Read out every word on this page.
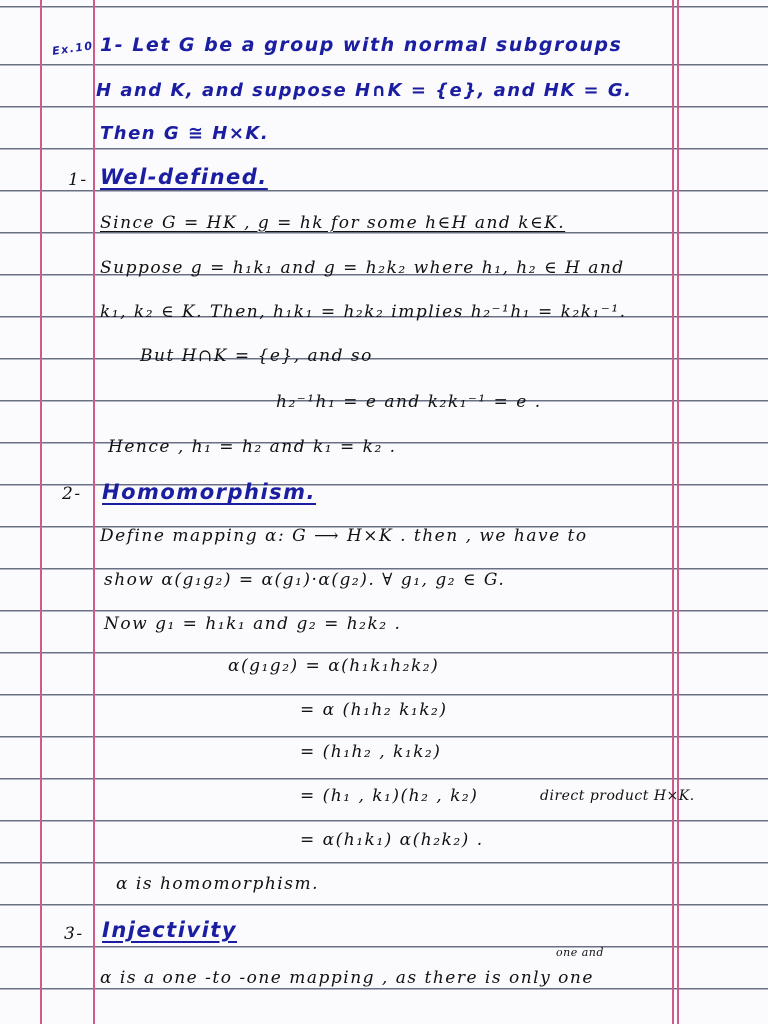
Ex.10 1- Let G be a group with normal subgroups
H and K, and suppose H∩K = {e}, and HK = G.
Then G ≅ H×K.
1- Wel-defined.
Since G = HK , g = hk for some h∈H and k∈K.
Suppose g = h₁k₁ and g = h₂k₂ where h₁, h₂ ∈ H and
k₁, k₂ ∈ K. Then, h₁k₁ = h₂k₂ implies h₂⁻¹h₁ = k₂k₁⁻¹.
But H∩K = {e}, and so
h₂⁻¹h₁ = e and k₂k₁⁻¹ = e .
Hence , h₁ = h₂ and k₁ = k₂ .
2- Homomorphism.
Define mapping α: G ⟶ H×K . then , we have to
show α(g₁g₂) = α(g₁)·α(g₂). ∀ g₁, g₂ ∈ G.
Now g₁ = h₁k₁ and g₂ = h₂k₂ .
α(g₁g₂) = α(h₁k₁h₂k₂)
= α (h₁h₂ k₁k₂)
= (h₁h₂ , k₁k₂)
= (h₁ , k₁)(h₂ , k₂)	direct product H×K.
= α(h₁k₁) α(h₂k₂) .
α is homomorphism.
3- Injectivity
one and
α is a one -to -one mapping , as there is only one
